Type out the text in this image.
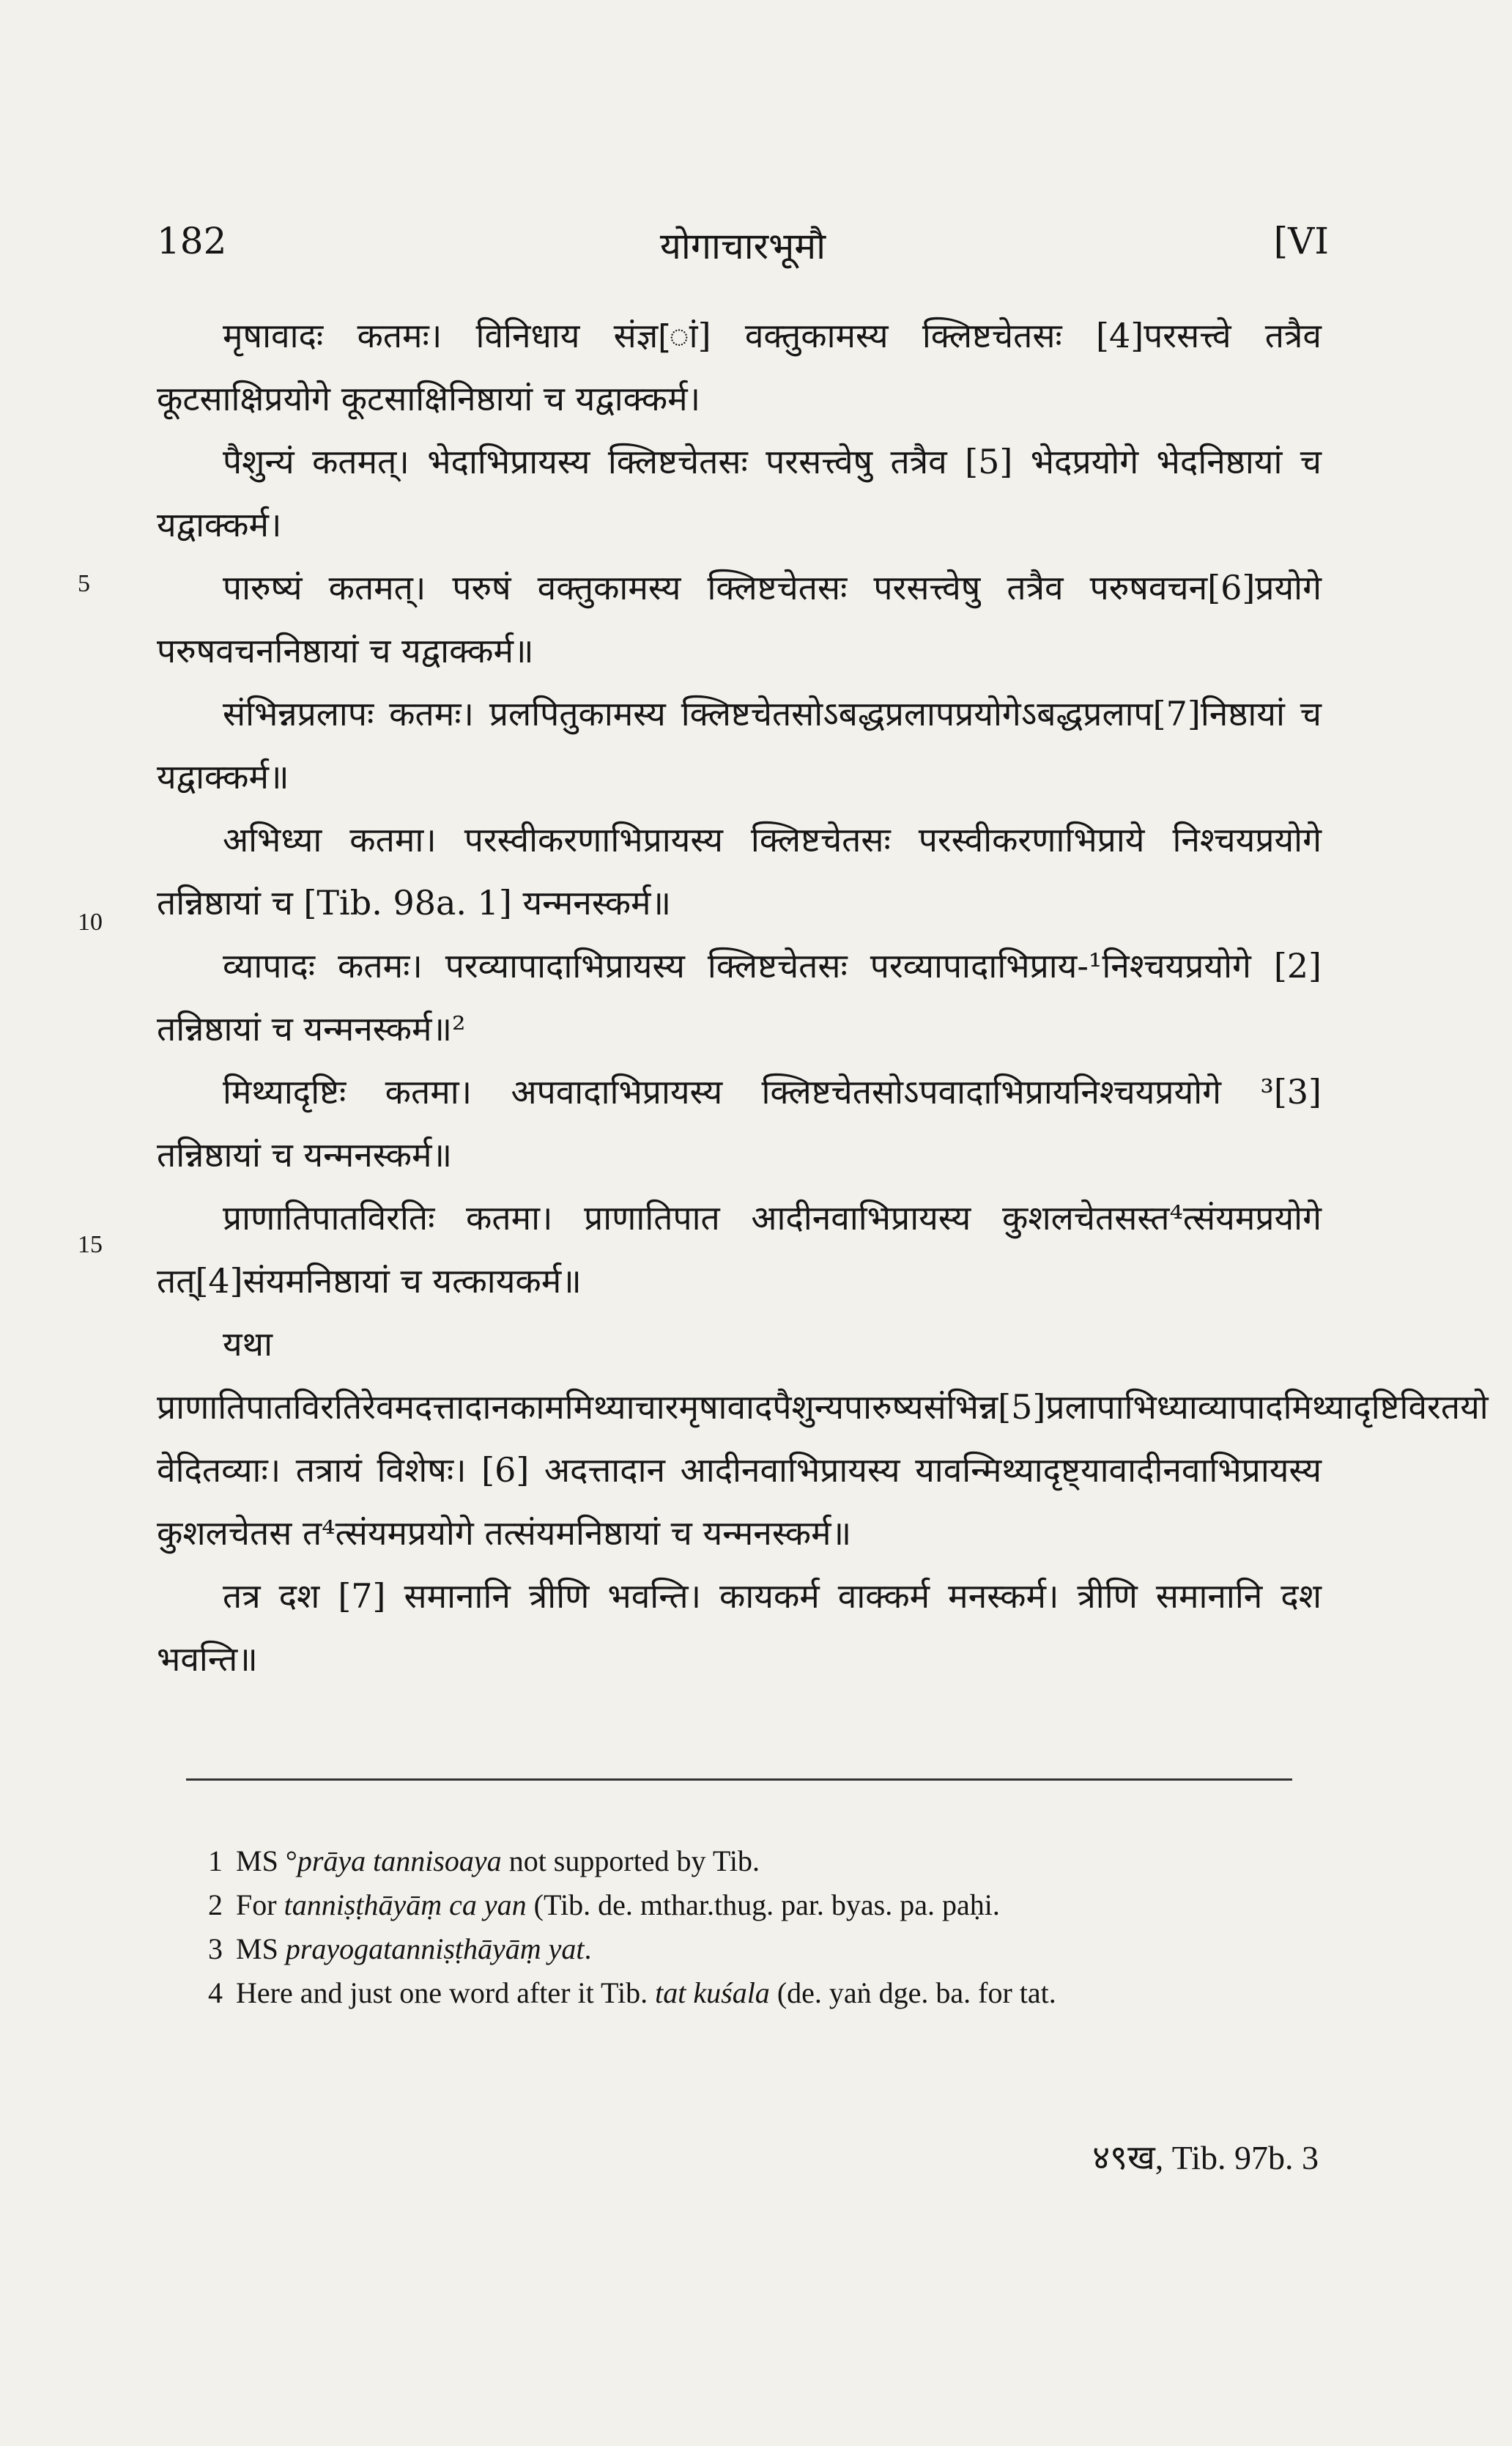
182	योगाचारभूमौ	[VI
5
10
15

मृषावादः कतमः। विनिधाय संज्ञ[ां] वक्तुकामस्य क्लिष्टचेतसः [4]परसत्त्वे तत्रैव कूटसाक्षिप्रयोगे कूटसाक्षिनिष्ठायां च यद्वाक्कर्म।

पैशुन्यं कतमत्। भेदाभिप्रायस्य क्लिष्टचेतसः परसत्त्वेषु तत्रैव [5] भेदप्रयोगे भेदनिष्ठायां च यद्वाक्कर्म।

पारुष्यं कतमत्। परुषं वक्तुकामस्य क्लिष्टचेतसः परसत्त्वेषु तत्रैव परुषवचन[6]प्रयोगे परुषवचननिष्ठायां च यद्वाक्कर्म॥

संभिन्नप्रलापः कतमः। प्रलपितुकामस्य क्लिष्टचेतसोऽबद्धप्रलापप्रयोगेऽबद्धप्रलाप[7]निष्ठायां च यद्वाक्कर्म॥

अभिध्या कतमा। परस्वीकरणाभिप्रायस्य क्लिष्टचेतसः परस्वीकरणाभिप्राये निश्चयप्रयोगे तन्निष्ठायां च [Tib. 98a. 1] यन्मनस्कर्म॥

व्यापादः कतमः। परव्यापादाभिप्रायस्य क्लिष्टचेतसः परव्यापादाभिप्राय-¹निश्चयप्रयोगे [2] तन्निष्ठायां च यन्मनस्कर्म॥²

मिथ्यादृष्टिः कतमा। अपवादाभिप्रायस्य क्लिष्टचेतसोऽपवादाभिप्रायनिश्चयप्रयोगे ³[3] तन्निष्ठायां च यन्मनस्कर्म॥

प्राणातिपातविरतिः कतमा। प्राणातिपात आदीनवाभिप्रायस्य कुशलचेतसस्त⁴त्संयमप्रयोगे तत्[4]संयमनिष्ठायां च यत्कायकर्म॥

यथा प्राणातिपातविरतिरेवमदत्तादानकाममिथ्याचारमृषावादपैशुन्यपारुष्यसंभिन्न[5]प्रलापाभिध्याव्यापादमिथ्यादृष्टिविरतयो वेदितव्याः। तत्रायं विशेषः। [6] अदत्तादान आदीनवाभिप्रायस्य यावन्मिथ्यादृष्ट्यावादीनवाभिप्रायस्य कुशलचेतस त⁴त्संयमप्रयोगे तत्संयमनिष्ठायां च यन्मनस्कर्म॥

तत्र दश [7] समानानि त्रीणि भवन्ति। कायकर्म वाक्कर्म मनस्कर्म। त्रीणि समानानि दश भवन्ति॥

1 MS °prāya tannisoaya not supported by Tib.

2 For tanniṣṭhāyāṃ ca yan (Tib. de. mthar.thug. par. byas. pa. paḥi.

3 MS prayogatanniṣṭhāyāṃ yat.

4 Here and just one word after it Tib. tat kuśala (de. yaṅ dge. ba. for tat.

४९ख, Tib. 97b. 3
